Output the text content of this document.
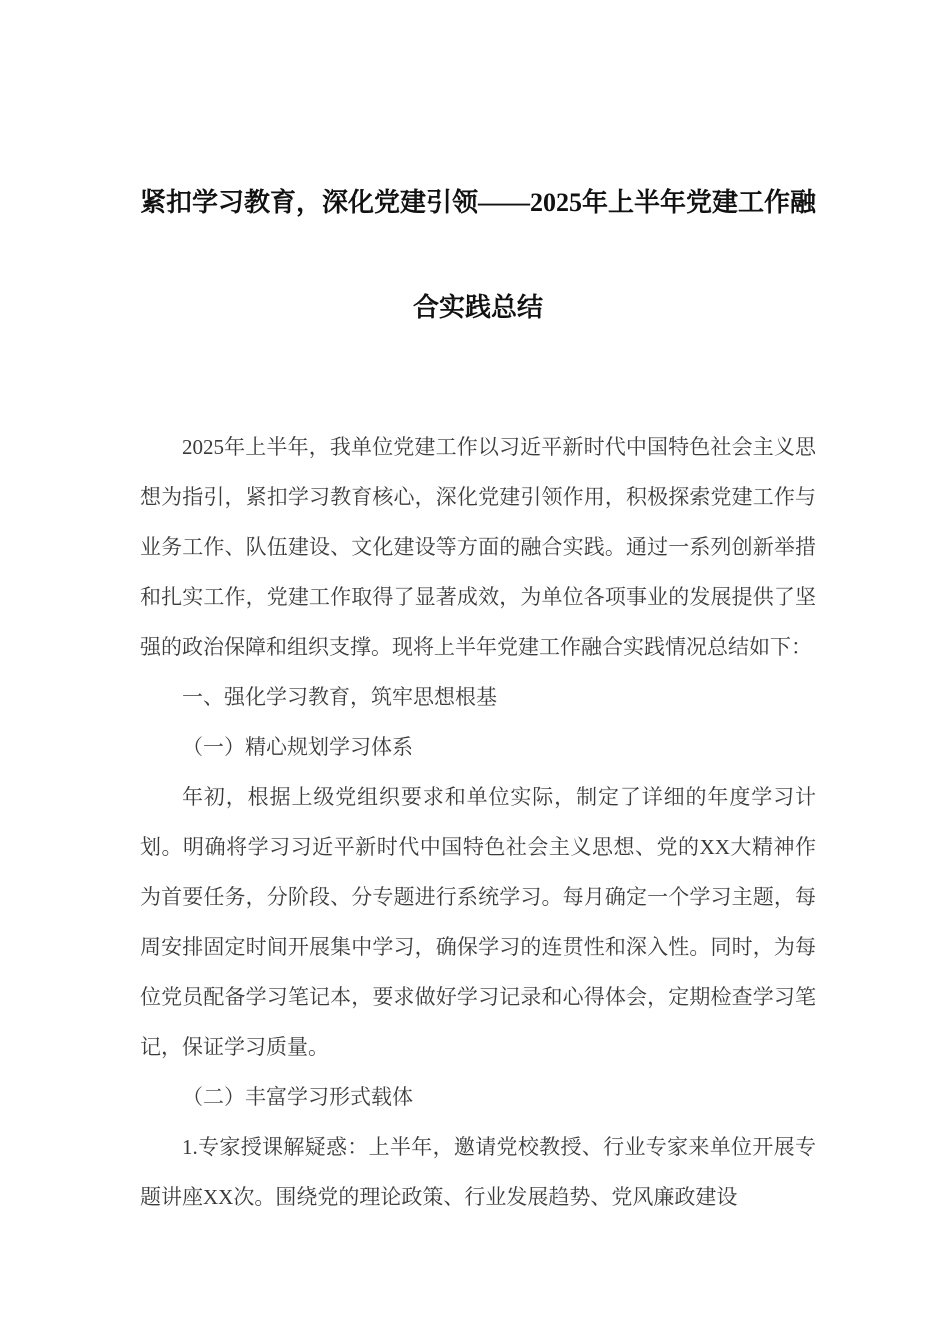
紧扣学习教育，深化党建引领——2025年上半年党建工作融
合实践总结

2025年上半年，我单位党建工作以习近平新时代中国特色社会主义思想为指引，紧扣学习教育核心，深化党建引领作用，积极探索党建工作与业务工作、队伍建设、文化建设等方面的融合实践。通过一系列创新举措和扎实工作，党建工作取得了显著成效，为单位各项事业的发展提供了坚强的政治保障和组织支撑。现将上半年党建工作融合实践情况总结如下：

一、强化学习教育，筑牢思想根基

（一）精心规划学习体系

年初，根据上级党组织要求和单位实际，制定了详细的年度学习计划。明确将学习习近平新时代中国特色社会主义思想、党的XX大精神作为首要任务，分阶段、分专题进行系统学习。每月确定一个学习主题，每周安排固定时间开展集中学习，确保学习的连贯性和深入性。同时，为每位党员配备学习笔记本，要求做好学习记录和心得体会，定期检查学习笔记，保证学习质量。

（二）丰富学习形式载体

1.专家授课解疑惑：上半年，邀请党校教授、行业专家来单位开展专题讲座XX次。围绕党的理论政策、行业发展趋势、党风廉政建设
